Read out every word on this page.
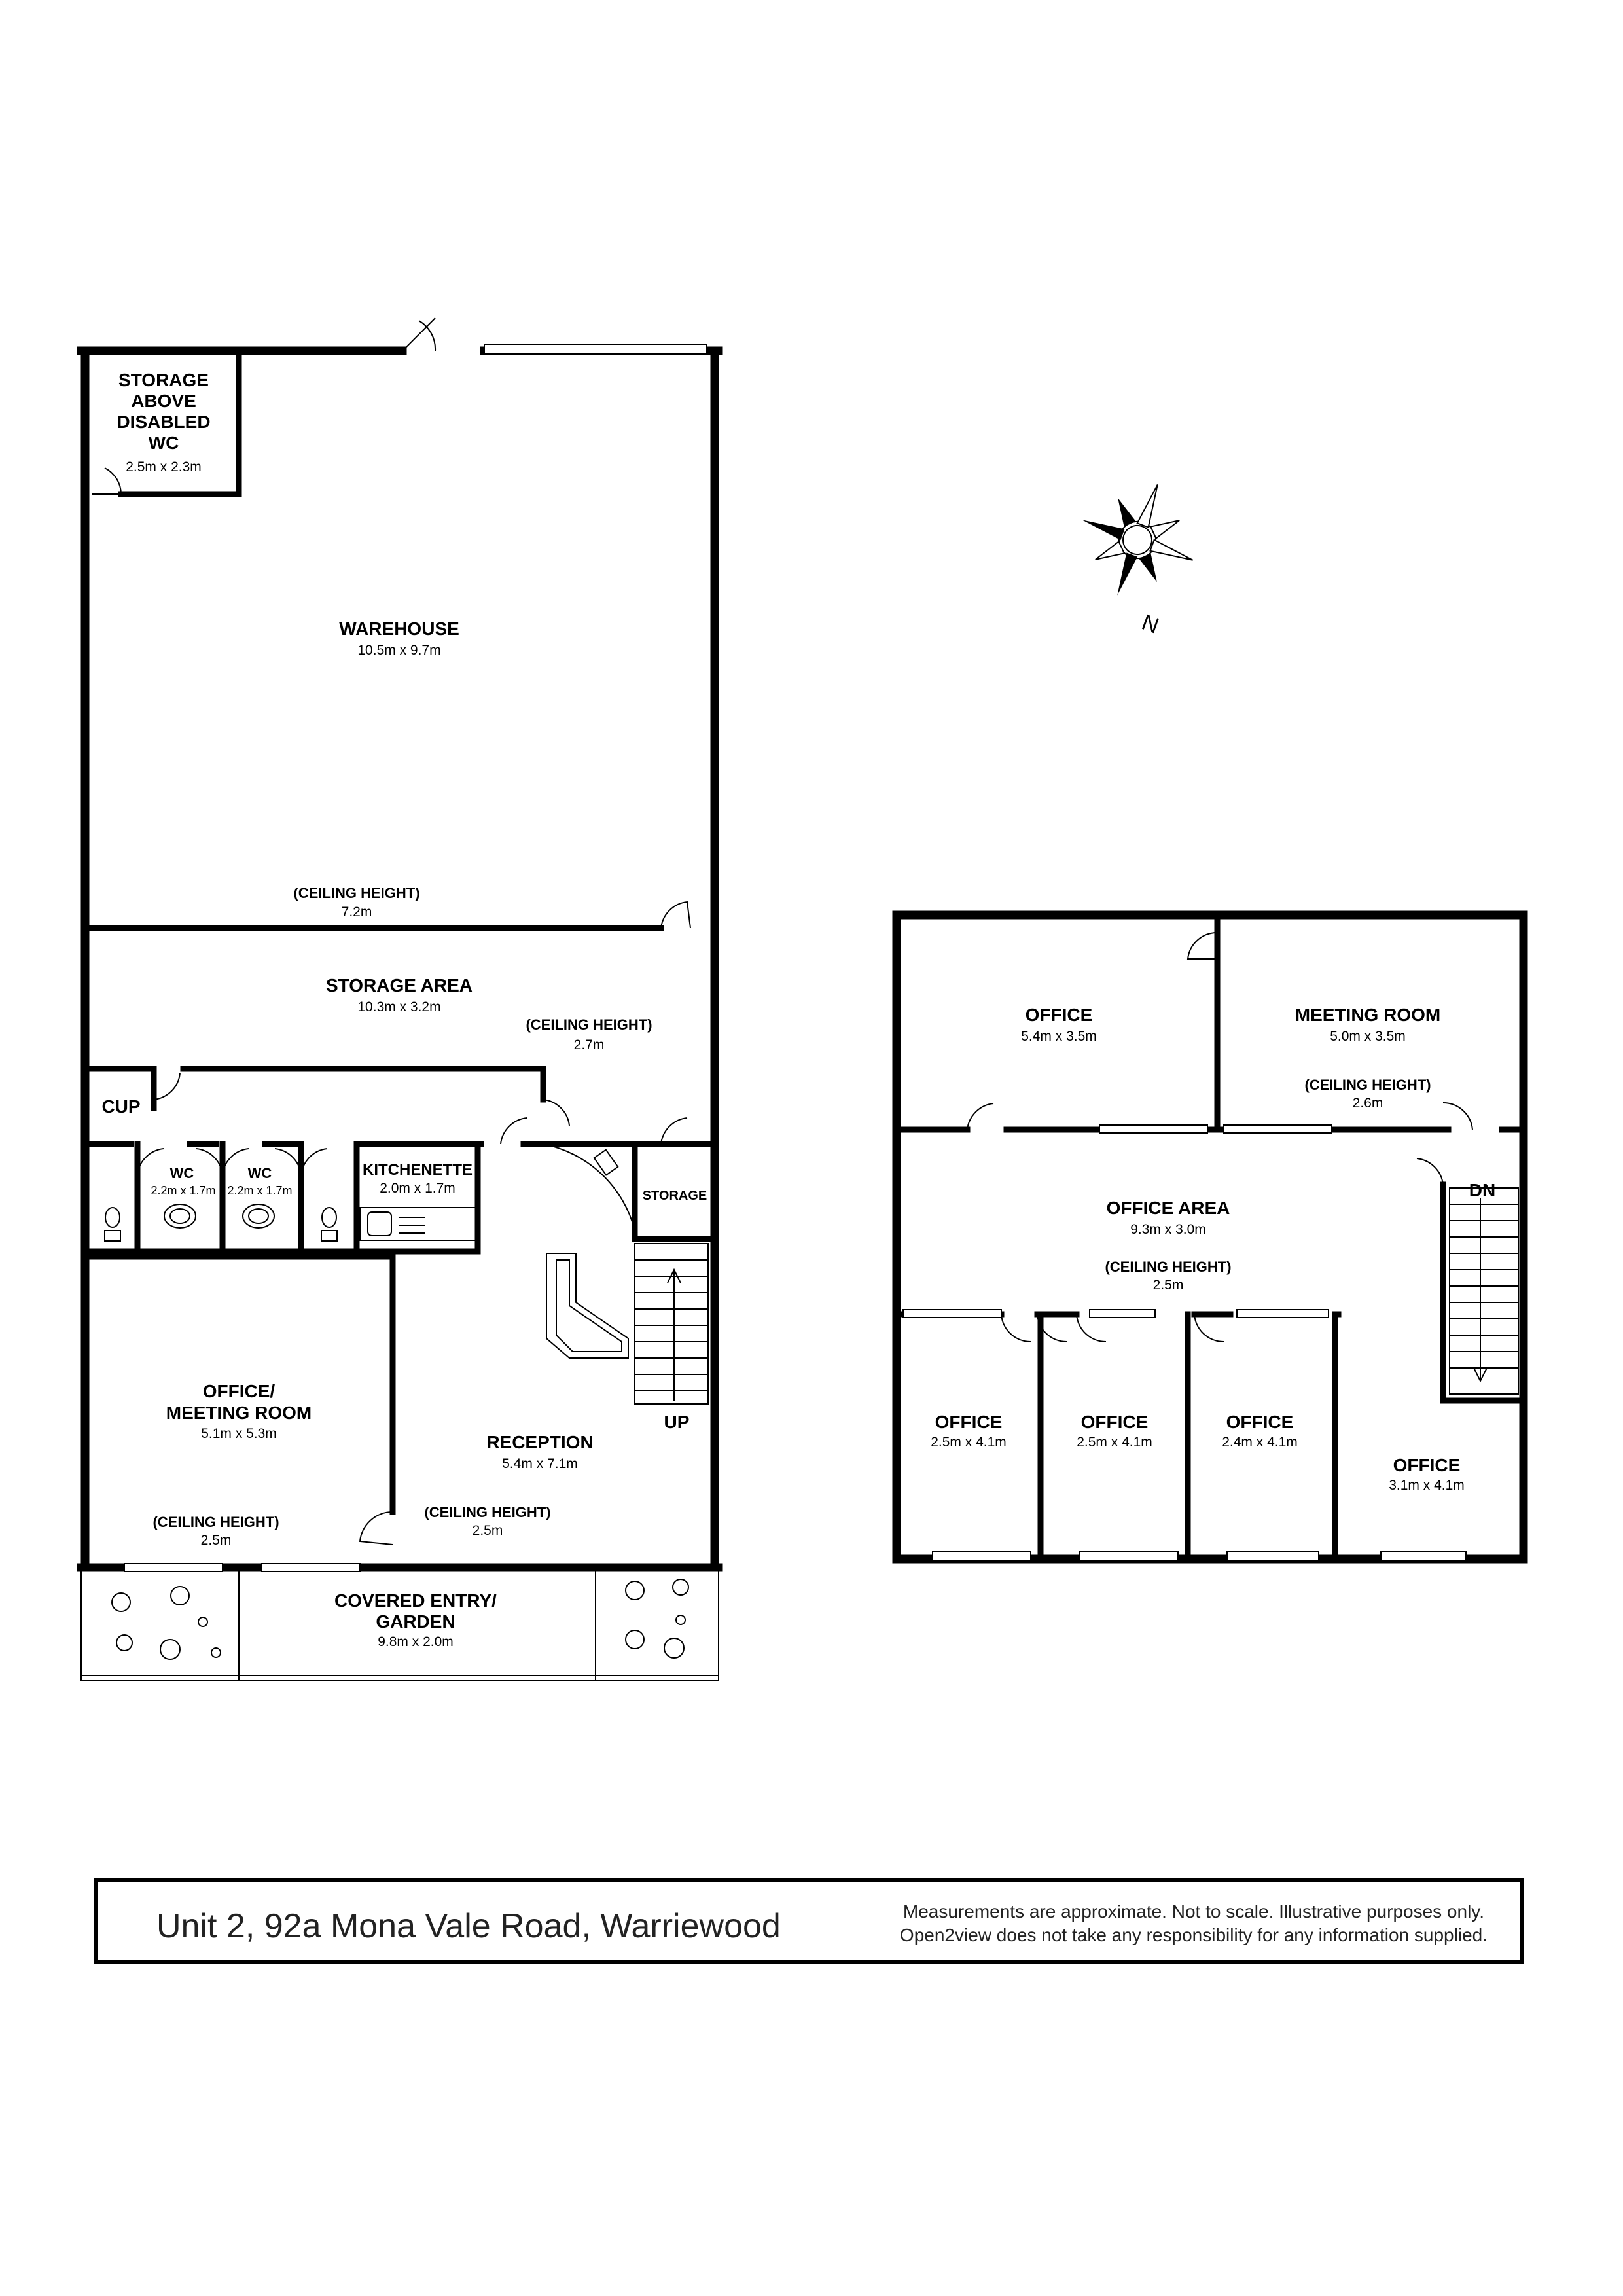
STORAGE ABOVE DISABLED WC
2.5m x 2.3m
WAREHOUSE
10.5m x 9.7m
(CEILING HEIGHT)
7.2m
STORAGE AREA
10.3m x 3.2m
(CEILING HEIGHT)
2.7m
CUP
WC
2.2m x 1.7m
WC
2.2m x 1.7m
KITCHENETTE
2.0m x 1.7m	STORAGE
OFFICE/ MEETING ROOM
5.1m x 5.3m
(CEILING HEIGHT)
2.5m
RECEPTION
5.4m x 7.1m
(CEILING HEIGHT)
2.5m
UP
COVERED ENTRY/ GARDEN
9.8m x 2.0m
OFFICE
5.4m x 3.5m
MEETING ROOM
5.0m x 3.5m
(CEILING HEIGHT)
2.6m
OFFICE AREA
9.3m x 3.0m
(CEILING HEIGHT)
2.5m
OFFICE
2.5m x 4.1m
OFFICE
2.5m x 4.1m
OFFICE
2.4m x 4.1m
OFFICE
3.1m x 4.1m
DN
N
Unit 2, 92a Mona Vale Road, Warriewood	Measurements are approximate. Not to scale. Illustrative purposes only.
Open2view does not take any responsibility for any information supplied.
